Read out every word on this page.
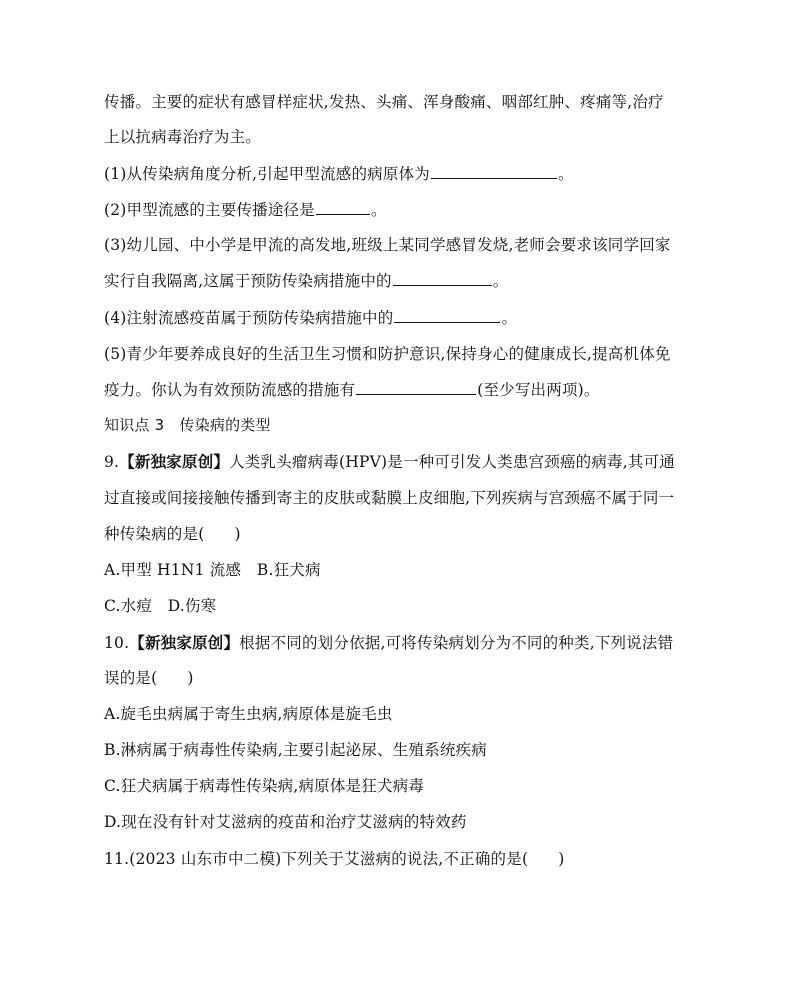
传播。主要的症状有感冒样症状,发热、头痛、浑身酸痛、咽部红肿、疼痛等,治疗
上以抗病毒治疗为主。
(1)从传染病角度分析,引起甲型流感的病原体为	。
(2)甲型流感的主要传播途径是	。
(3)幼儿园、中小学是甲流的高发地,班级上某同学感冒发烧,老师会要求该同学回家
实行自我隔离,这属于预防传染病措施中的	。
(4)注射流感疫苗属于预防传染病措施中的	。
(5)青少年要养成良好的生活卫生习惯和防护意识,保持身心的健康成长,提高机体免
疫力。你认为有效预防流感的措施有	(至少写出两项)。
知识点 3　传染病的类型
9.【新独家原创】人类乳头瘤病毒(HPV)是一种可引发人类患宫颈癌的病毒,其可通
过直接或间接接触传播到寄主的皮肤或黏膜上皮细胞,下列疾病与宫颈癌不属于同一
种传染病的是( )
A.甲型 H1N1 流感　B.狂犬病
C.水痘　D.伤寒
10.【新独家原创】根据不同的划分依据,可将传染病划分为不同的种类,下列说法错
误的是( )
A.旋毛虫病属于寄生虫病,病原体是旋毛虫
B.淋病属于病毒性传染病,主要引起泌尿、生殖系统疾病
C.狂犬病属于病毒性传染病,病原体是狂犬病毒
D.现在没有针对艾滋病的疫苗和治疗艾滋病的特效药
11.(2023 山东市中二模)下列关于艾滋病的说法,不正确的是( )
